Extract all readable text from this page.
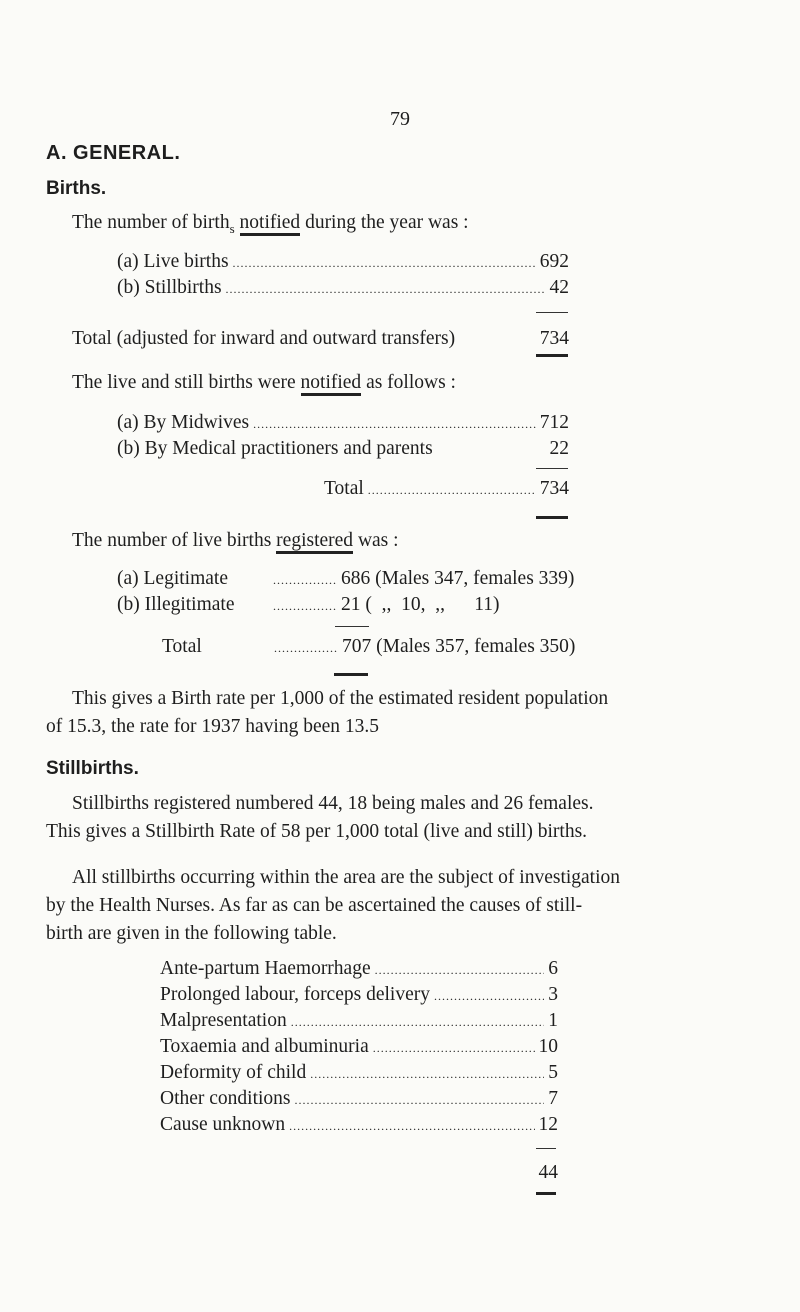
79
A. GENERAL.
Births.
The number of birth$_s$ notified during the year was :
(a) Live births .....	692
(b) Stillbirths .....	42
Total (adjusted for inward and outward transfers)	734
The live and still births were notified as follows :
(a) By Midwives .....	712
(b) By Medical practitioners and parents	22
Total .....	734
The number of live births registered was :
(a) Legitimate .....	686 (Males 347, females 339)
(b) Illegitimate .....	21 (  ,,  10,  ,,      11)
Total .....	707 (Males 357, females 350)
This gives a Birth rate per 1,000 of the estimated resident population
of 15.3, the rate for 1937 having been 13.5
Stillbirths.
Stillbirths registered numbered 44, 18 being males and 26 females.
This gives a Stillbirth Rate of 58 per 1,000 total (live and still) births.
All stillbirths occurring within the area are the subject of investigation
by the Health Nurses. As far as can be ascertained the causes of still-
birth are given in the following table.
Ante-partum Haemorrhage .....	6
Prolonged labour, forceps delivery .....	3
Malpresentation .....	1
Toxaemia and albuminuria .....	10
Deformity of child .....	5
Other conditions .....	7
Cause unknown .....	12
44
